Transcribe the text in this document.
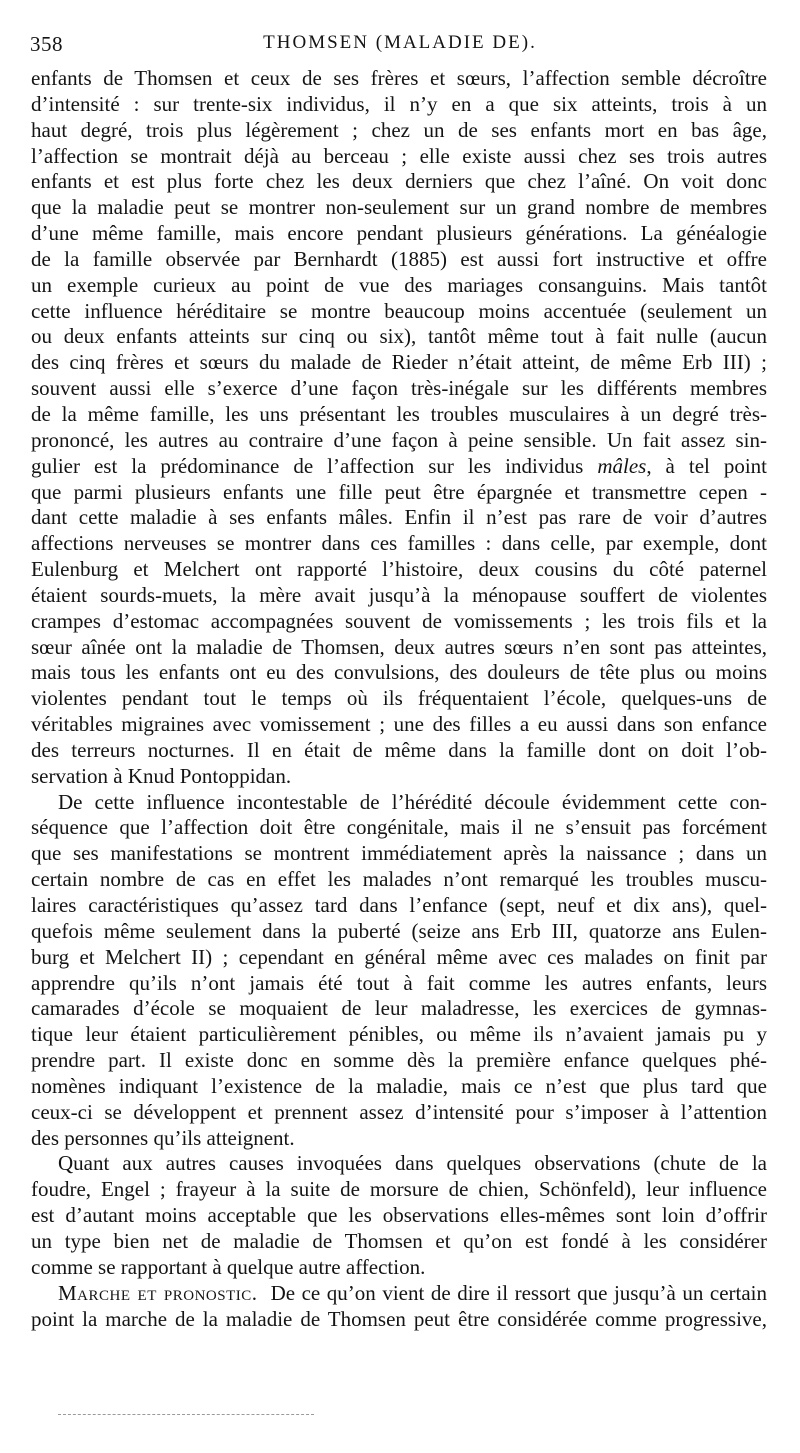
358	THOMSEN (MALADIE DE).
enfants de Thomsen et ceux de ses frères et sœurs, l’affection semble décroître
d’intensité : sur trente-six individus, il n’y en a que six atteints, trois à un
haut degré, trois plus légèrement ; chez un de ses enfants mort en bas âge,
l’affection se montrait déjà au berceau ; elle existe aussi chez ses trois autres
enfants et est plus forte chez les deux derniers que chez l’aîné. On voit donc
que la maladie peut se montrer non-seulement sur un grand nombre de membres
d’une même famille, mais encore pendant plusieurs générations. La généalogie
de la famille observée par Bernhardt (1885) est aussi fort instructive et offre
un exemple curieux au point de vue des mariages consanguins. Mais tantôt
cette influence héréditaire se montre beaucoup moins accentuée (seulement un
ou deux enfants atteints sur cinq ou six), tantôt même tout à fait nulle (aucun
des cinq frères et sœurs du malade de Rieder n’était atteint, de même Erb III) ;
souvent aussi elle s’exerce d’une façon très-inégale sur les différents membres
de la même famille, les uns présentant les troubles musculaires à un degré très-
prononcé, les autres au contraire d’une façon à peine sensible. Un fait assez sin-
gulier est la prédominance de l’affection sur les individus mâles, à tel point
que parmi plusieurs enfants une fille peut être épargnée et transmettre cepen -
dant cette maladie à ses enfants mâles. Enfin il n’est pas rare de voir d’autres
affections nerveuses se montrer dans ces familles : dans celle, par exemple, dont
Eulenburg et Melchert ont rapporté l’histoire, deux cousins du côté paternel
étaient sourds-muets, la mère avait jusqu’à la ménopause souffert de violentes
crampes d’estomac accompagnées souvent de vomissements ; les trois fils et la
sœur aînée ont la maladie de Thomsen, deux autres sœurs n’en sont pas atteintes,
mais tous les enfants ont eu des convulsions, des douleurs de tête plus ou moins
violentes pendant tout le temps où ils fréquentaient l’école, quelques-uns de
véritables migraines avec vomissement ; une des filles a eu aussi dans son enfance
des terreurs nocturnes. Il en était de même dans la famille dont on doit l’ob-
servation à Knud Pontoppidan.
De cette influence incontestable de l’hérédité découle évidemment cette con-
séquence que l’affection doit être congénitale, mais il ne s’ensuit pas forcément
que ses manifestations se montrent immédiatement après la naissance ; dans un
certain nombre de cas en effet les malades n’ont remarqué les troubles muscu-
laires caractéristiques qu’assez tard dans l’enfance (sept, neuf et dix ans), quel-
quefois même seulement dans la puberté (seize ans Erb III, quatorze ans Eulen-
burg et Melchert II) ; cependant en général même avec ces malades on finit par
apprendre qu’ils n’ont jamais été tout à fait comme les autres enfants, leurs
camarades d’école se moquaient de leur maladresse, les exercices de gymnas-
tique leur étaient particulièrement pénibles, ou même ils n’avaient jamais pu y
prendre part. Il existe donc en somme dès la première enfance quelques phé-
nomènes indiquant l’existence de la maladie, mais ce n’est que plus tard que
ceux-ci se développent et prennent assez d’intensité pour s’imposer à l’attention
des personnes qu’ils atteignent.
Quant aux autres causes invoquées dans quelques observations (chute de la
foudre, Engel ; frayeur à la suite de morsure de chien, Schönfeld), leur influence
est d’autant moins acceptable que les observations elles-mêmes sont loin d’offrir
un type bien net de maladie de Thomsen et qu’on est fondé à les considérer
comme se rapportant à quelque autre affection.
Marche et pronostic. De ce qu’on vient de dire il ressort que jusqu’à un certain
point la marche de la maladie de Thomsen peut être considérée comme progressive,
